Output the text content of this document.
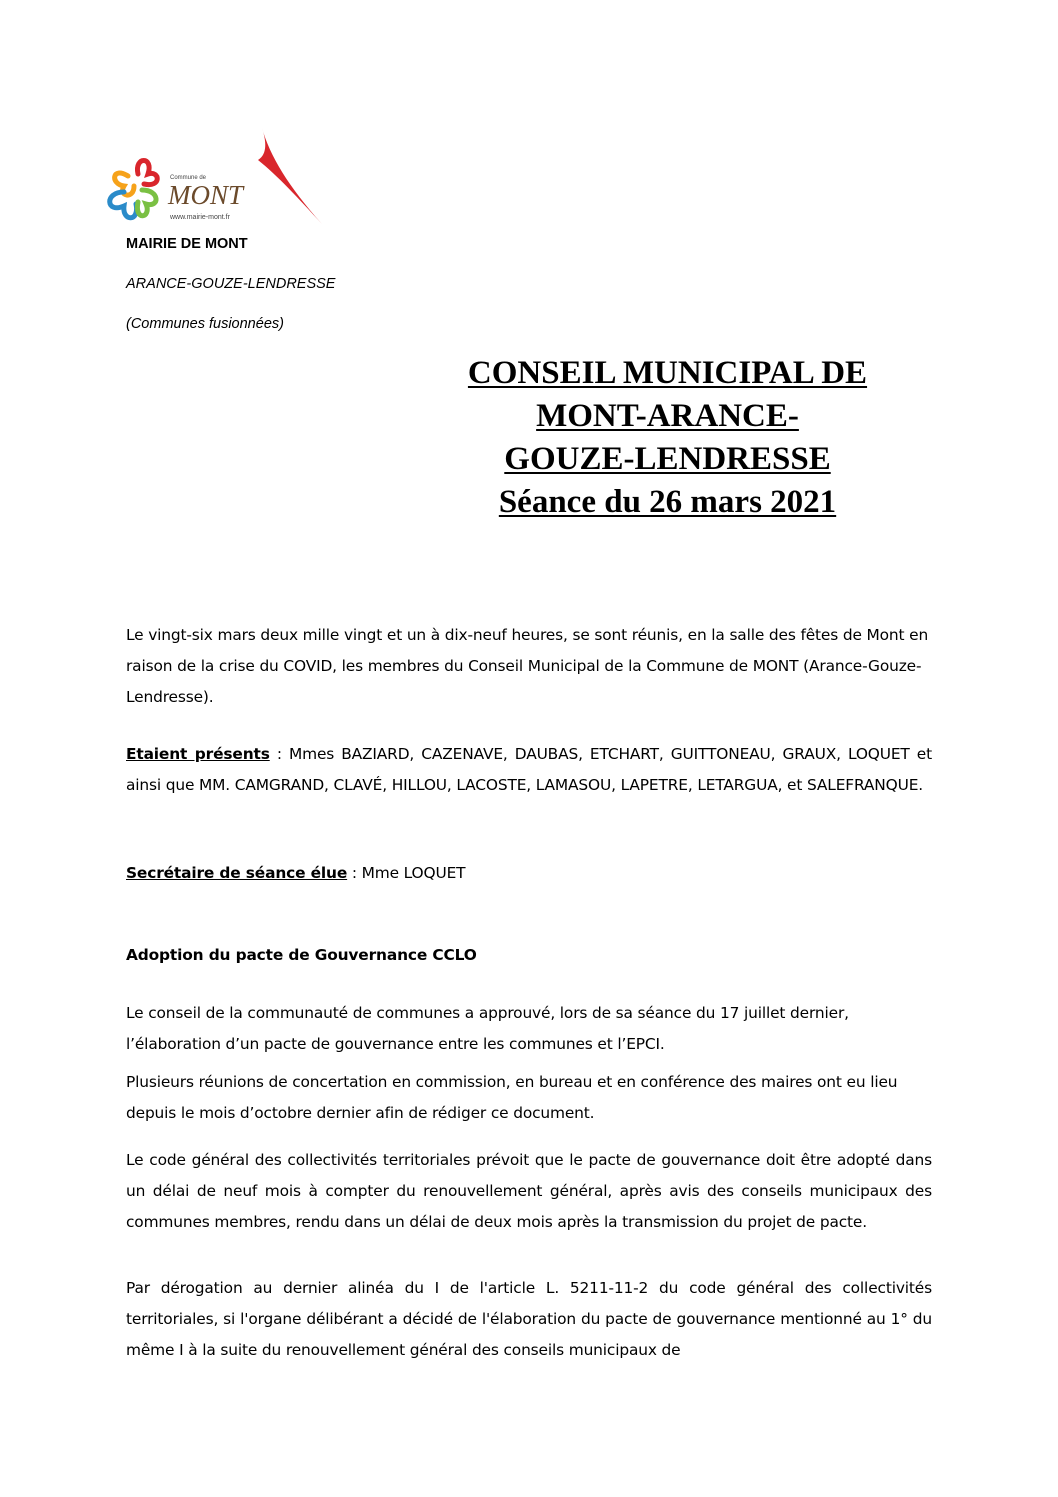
Commune de
MONT
www.mairie-mont.fr
MAIRIE DE MONT
ARANCE-GOUZE-LENDRESSE
(Communes fusionnées)
CONSEIL MUNICIPAL DE
MONT-ARANCE-
GOUZE-LENDRESSE
Séance du 26 mars 2021
Le vingt-six mars deux mille vingt et un à dix-neuf heures, se sont réunis, en la salle des fêtes de Mont en raison de la crise du COVID, les membres du Conseil Municipal de la Commune de MONT (Arance-Gouze-Lendresse).
Etaient présents : Mmes BAZIARD, CAZENAVE, DAUBAS, ETCHART, GUITTONEAU, GRAUX, LOQUET et ainsi que MM. CAMGRAND, CLAVÉ, HILLOU, LACOSTE, LAMASOU, LAPETRE, LETARGUA, et SALEFRANQUE.
Secrétaire de séance élue : Mme LOQUET
Adoption du pacte de Gouvernance CCLO
Le conseil de la communauté de communes a approuvé, lors de sa séance du 17 juillet dernier, l’élaboration d’un pacte de gouvernance entre les communes et l’EPCI.
Plusieurs réunions de concertation en commission, en bureau et en conférence des maires ont eu lieu depuis le mois d’octobre dernier afin de rédiger ce document.
Le code général des collectivités territoriales prévoit que le pacte de gouvernance doit être adopté dans un délai de neuf mois à compter du renouvellement général, après avis des conseils municipaux des communes membres, rendu dans un délai de deux mois après la transmission du projet de pacte.
Par dérogation au dernier alinéa du I de l'article L. 5211-11-2 du code général des collectivités territoriales, si l'organe délibérant a décidé de l'élaboration du pacte de gouvernance mentionné au 1° du même I à la suite du renouvellement général des conseils municipaux de
